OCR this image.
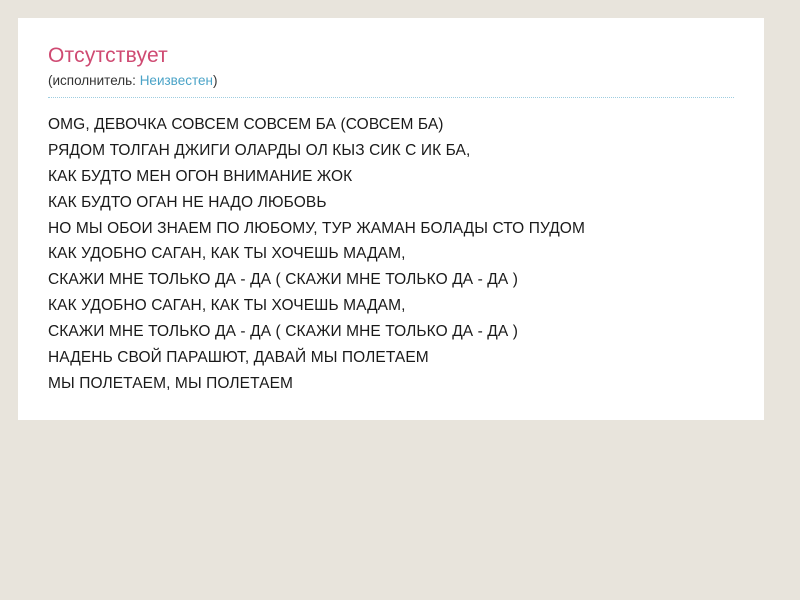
Отсутствует

(исполнитель: Неизвестен)

OMG, ДЕВОЧКА СОВСЕМ СОВСЕМ БА (СОВСЕМ БА)
РЯДОМ ТОЛГАН ДЖИГИ ОЛАРДЫ ОЛ КЫЗ СИК С ИК БА,
КАК БУДТО МЕН ОГОН ВНИМАНИЕ ЖОК
КАК БУДТО ОГАН НЕ НАДО ЛЮБОВЬ
НО МЫ ОБОИ ЗНАЕМ ПО ЛЮБОМУ, ТУР ЖАМАН БОЛАДЫ СТО ПУДОМ
КАК УДОБНО САГАН, КАК ТЫ ХОЧЕШЬ МАДАМ,
СКАЖИ МНЕ ТОЛЬКО ДА - ДА ( СКАЖИ МНЕ ТОЛЬКО ДА - ДА )
КАК УДОБНО САГАН, КАК ТЫ ХОЧЕШЬ МАДАМ,
СКАЖИ МНЕ ТОЛЬКО ДА - ДА ( СКАЖИ МНЕ ТОЛЬКО ДА - ДА )
НАДЕНЬ СВОЙ ПАРАШЮТ, ДАВАЙ МЫ ПОЛЕТАЕМ
МЫ ПОЛЕТАЕМ, МЫ ПОЛЕТАЕМ
